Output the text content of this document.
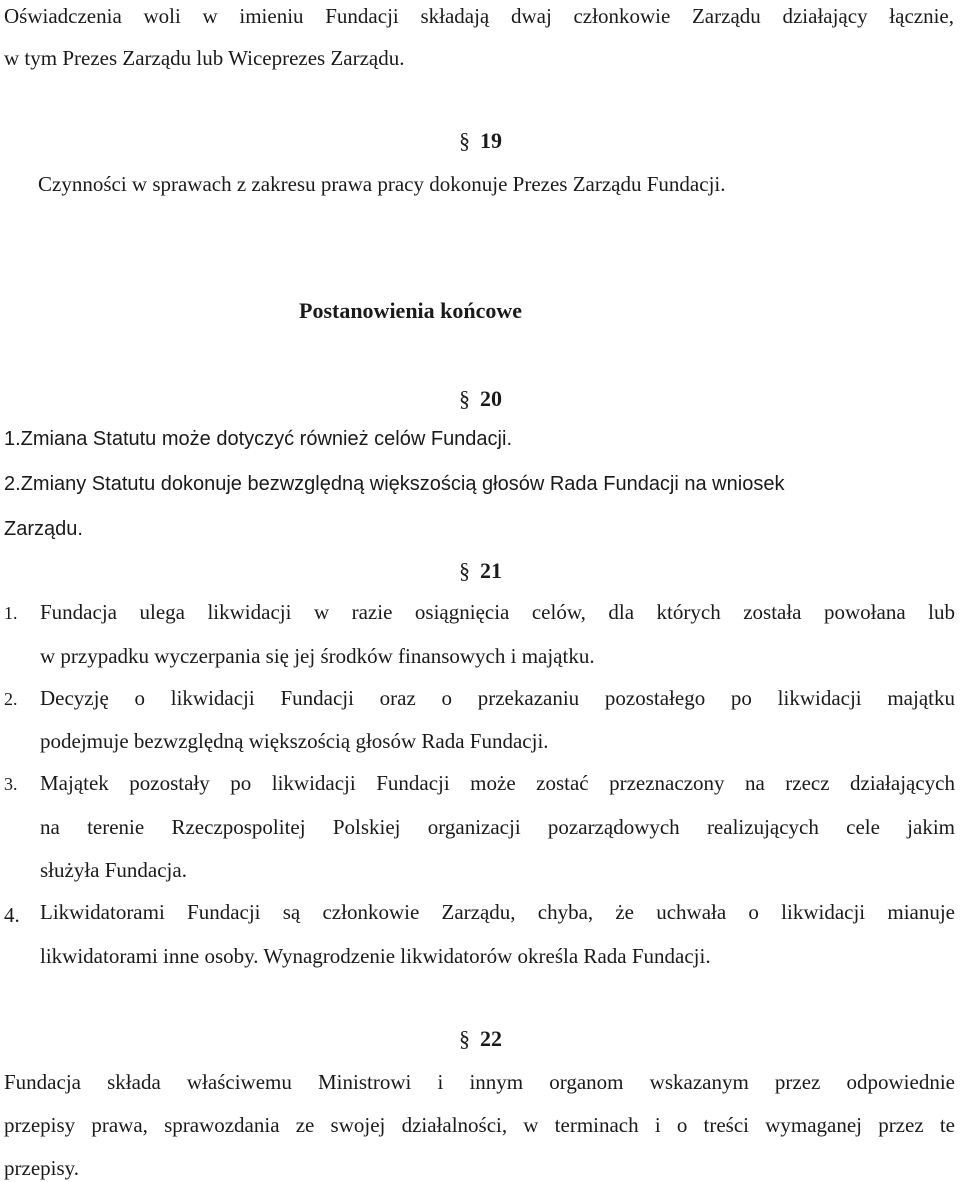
Oświadczenia woli w imieniu Fundacji składają dwaj członkowie Zarządu działający łącznie,
w tym Prezes Zarządu lub Wiceprezes Zarządu.
§ 19
Czynności w sprawach z zakresu prawa pracy dokonuje Prezes Zarządu Fundacji.
Postanowienia końcowe
§ 20
1.Zmiana Statutu może dotyczyć również celów Fundacji.
2.Zmiany Statutu dokonuje bezwzględną większością głosów Rada Fundacji na wniosek
Zarządu.
§ 21
1. Fundacja ulega likwidacji w razie osiągnięcia celów, dla których została powołana lub
w przypadku wyczerpania się jej środków finansowych i majątku.
2. Decyzję o likwidacji Fundacji oraz o przekazaniu pozostałego po likwidacji majątku
podejmuje bezwzględną większością głosów Rada Fundacji.
3. Majątek pozostały po likwidacji Fundacji może zostać przeznaczony na rzecz działających
na terenie Rzeczpospolitej Polskiej organizacji pozarządowych realizujących cele jakim
służyła Fundacja.
4. Likwidatorami Fundacji są członkowie Zarządu, chyba, że uchwała o likwidacji mianuje
likwidatorami inne osoby. Wynagrodzenie likwidatorów określa Rada Fundacji.
§ 22
Fundacja składa właściwemu Ministrowi i innym organom wskazanym przez odpowiednie
przepisy prawa, sprawozdania ze swojej działalności, w terminach i o treści wymaganej przez te
przepisy.
